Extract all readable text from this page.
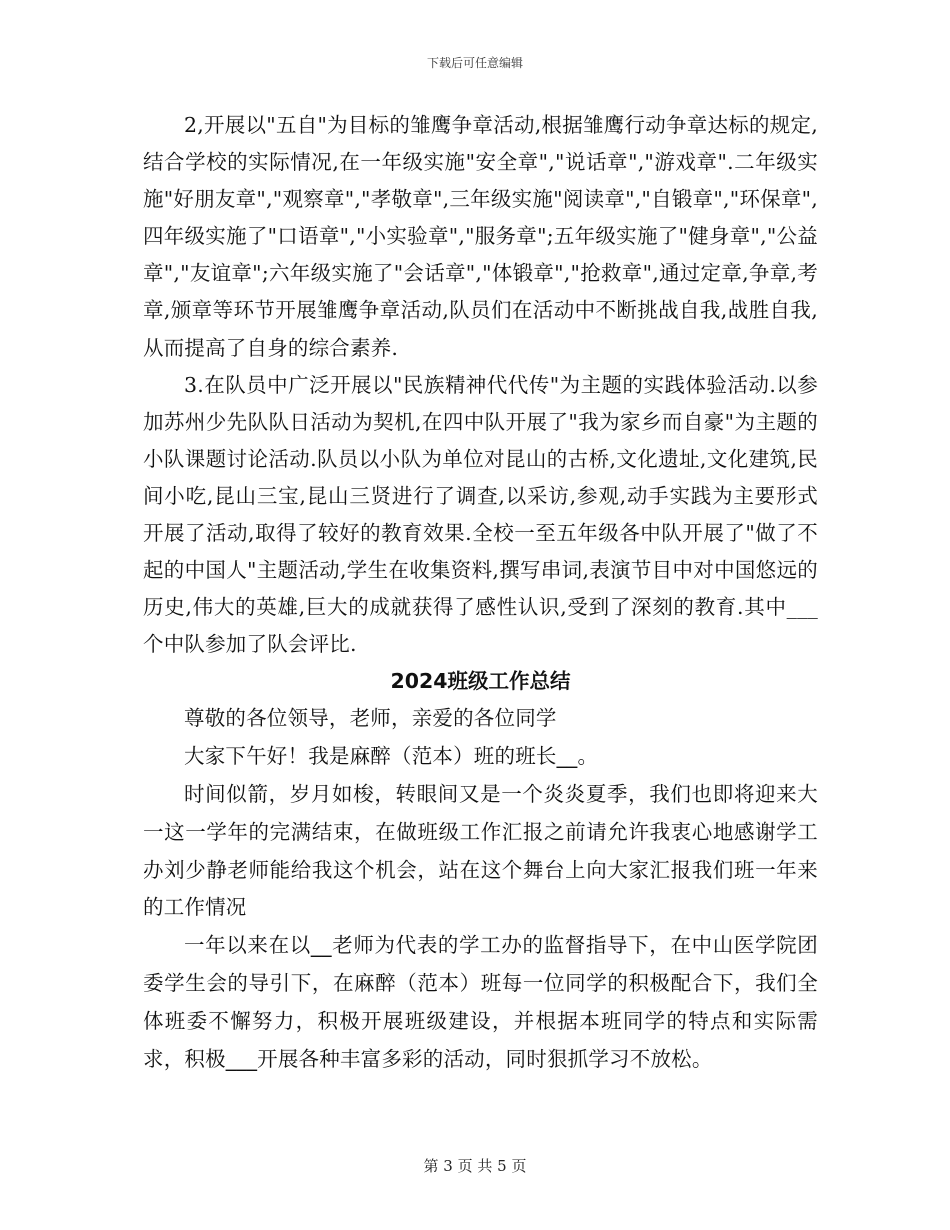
下载后可任意编辑

2,开展以"五自"为目标的雏鹰争章活动,根据雏鹰行动争章达标的规定,结合学校的实际情况,在一年级实施"安全章","说话章","游戏章".二年级实施"好朋友章","观察章","孝敬章",三年级实施"阅读章","自锻章","环保章",四年级实施了"口语章","小实验章","服务章";五年级实施了"健身章","公益章","友谊章";六年级实施了"会话章","体锻章","抢救章",通过定章,争章,考章,颁章等环节开展雏鹰争章活动,队员们在活动中不断挑战自我,战胜自我,从而提高了自身的综合素养.

3.在队员中广泛开展以"民族精神代代传"为主题的实践体验活动.以参加苏州少先队队日活动为契机,在四中队开展了"我为家乡而自豪"为主题的小队课题讨论活动.队员以小队为单位对昆山的古桥,文化遗址,文化建筑,民间小吃,昆山三宝,昆山三贤进行了调查,以采访,参观,动手实践为主要形式开展了活动,取得了较好的教育效果.全校一至五年级各中队开展了"做了不起的中国人"主题活动,学生在收集资料,撰写串词,表演节目中对中国悠远的历史,伟大的英雄,巨大的成就获得了感性认识,受到了深刻的教育.其中___个中队参加了队会评比.

2024班级工作总结

尊敬的各位领导，老师，亲爱的各位同学

大家下午好！我是麻醉（范本）班的班长__。

时间似箭，岁月如梭，转眼间又是一个炎炎夏季，我们也即将迎来大一这一学年的完满结束，在做班级工作汇报之前请允许我衷心地感谢学工办刘少静老师能给我这个机会，站在这个舞台上向大家汇报我们班一年来的工作情况

一年以来在以__老师为代表的学工办的监督指导下，在中山医学院团委学生会的导引下，在麻醉（范本）班每一位同学的积极配合下，我们全体班委不懈努力，积极开展班级建设，并根据本班同学的特点和实际需求，积极___开展各种丰富多彩的活动，同时狠抓学习不放松。

第 3 页 共 5 页
